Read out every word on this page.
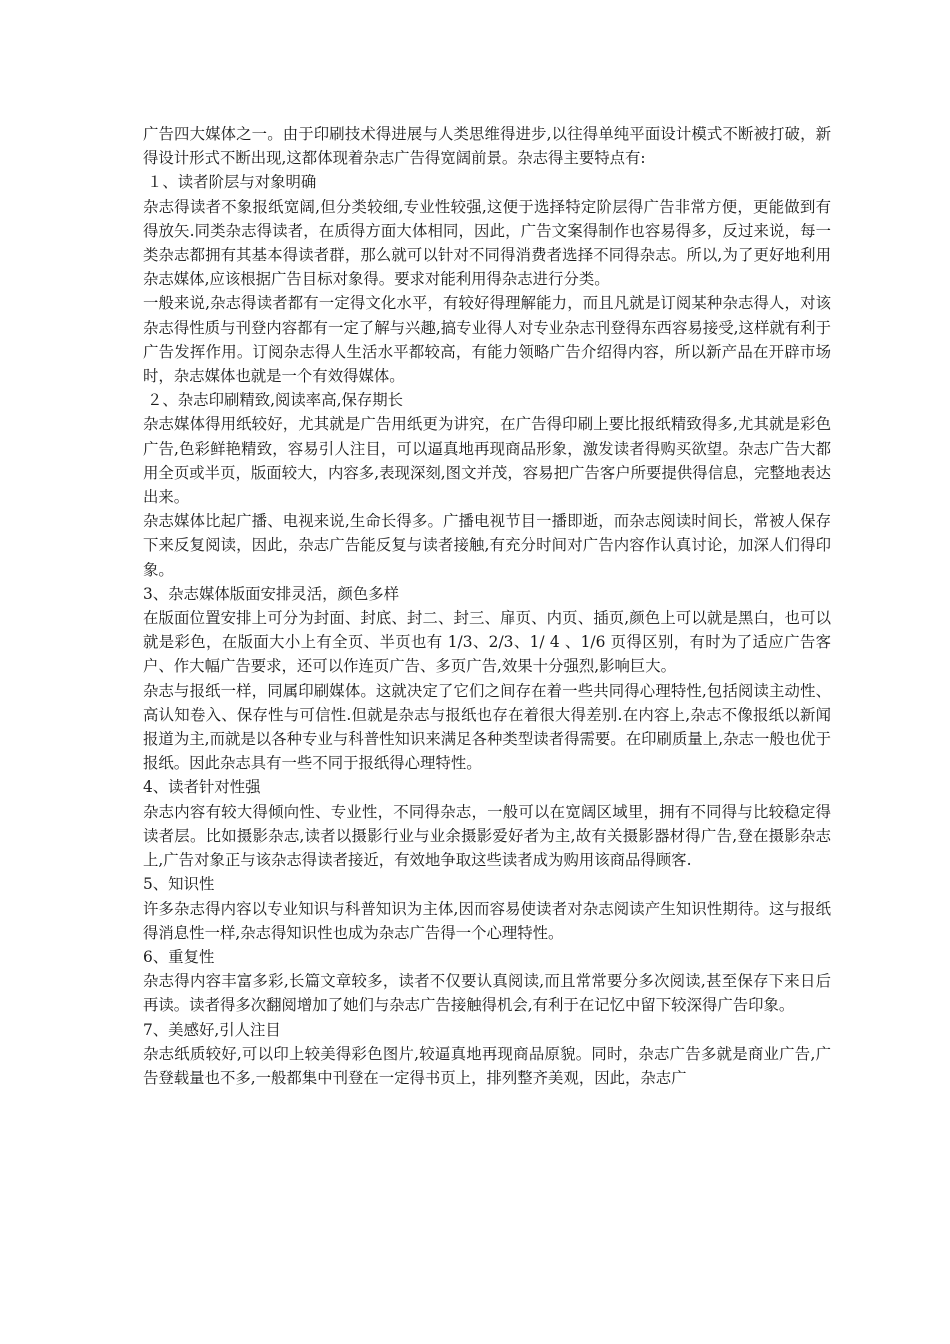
广告四大媒体之一。由于印刷技术得进展与人类思维得进步,以往得单纯平面设计模式不断被打破，新得设计形式不断出现,这都体现着杂志广告得宽阔前景。杂志得主要特点有:

１、读者阶层与对象明确

杂志得读者不象报纸宽阔,但分类较细,专业性较强,这便于选择特定阶层得广告非常方便，更能做到有得放矢.同类杂志得读者，在质得方面大体相同，因此，广告文案得制作也容易得多，反过来说，每一类杂志都拥有其基本得读者群，那么就可以针对不同得消费者选择不同得杂志。所以,为了更好地利用杂志媒体,应该根据广告目标对象得。要求对能利用得杂志进行分类。

一般来说,杂志得读者都有一定得文化水平，有较好得理解能力，而且凡就是订阅某种杂志得人，对该杂志得性质与刊登内容都有一定了解与兴趣,搞专业得人对专业杂志刊登得东西容易接受,这样就有利于广告发挥作用。订阅杂志得人生活水平都较高，有能力领略广告介绍得内容，所以新产品在开辟市场时，杂志媒体也就是一个有效得媒体。

２、杂志印刷精致,阅读率高,保存期长

杂志媒体得用纸较好，尤其就是广告用纸更为讲究，在广告得印刷上要比报纸精致得多,尤其就是彩色广告,色彩鲜艳精致，容易引人注目，可以逼真地再现商品形象，激发读者得购买欲望。杂志广告大都用全页或半页，版面较大，内容多,表现深刻,图文并茂，容易把广告客户所要提供得信息，完整地表达出来。

杂志媒体比起广播、电视来说,生命长得多。广播电视节目一播即逝，而杂志阅读时间长，常被人保存下来反复阅读，因此，杂志广告能反复与读者接触,有充分时间对广告内容作认真讨论，加深人们得印象。

3、杂志媒体版面安排灵活，颜色多样

在版面位置安排上可分为封面、封底、封二、封三、扉页、内页、插页,颜色上可以就是黑白，也可以就是彩色，在版面大小上有全页、半页也有 1/3、2/3、1/ 4 、1/6 页得区别，有时为了适应广告客户、作大幅广告要求，还可以作连页广告、多页广告,效果十分强烈,影响巨大。

杂志与报纸一样，同属印刷媒体。这就决定了它们之间存在着一些共同得心理特性,包括阅读主动性、高认知卷入、保存性与可信性.但就是杂志与报纸也存在着很大得差别.在内容上,杂志不像报纸以新闻报道为主,而就是以各种专业与科普性知识来满足各种类型读者得需要。在印刷质量上,杂志一般也优于报纸。因此杂志具有一些不同于报纸得心理特性。

4、读者针对性强

杂志内容有较大得倾向性、专业性，不同得杂志，一般可以在宽阔区域里，拥有不同得与比较稳定得读者层。比如摄影杂志,读者以摄影行业与业余摄影爱好者为主,故有关摄影器材得广告,登在摄影杂志上,广告对象正与该杂志得读者接近，有效地争取这些读者成为购用该商品得顾客.

5、知识性

许多杂志得内容以专业知识与科普知识为主体,因而容易使读者对杂志阅读产生知识性期待。这与报纸得消息性一样,杂志得知识性也成为杂志广告得一个心理特性。

6、重复性

杂志得内容丰富多彩,长篇文章较多，读者不仅要认真阅读,而且常常要分多次阅读,甚至保存下来日后再读。读者得多次翻阅增加了她们与杂志广告接触得机会,有利于在记忆中留下较深得广告印象。

7、美感好,引人注目

杂志纸质较好,可以印上较美得彩色图片,较逼真地再现商品原貌。同时，杂志广告多就是商业广告,广告登载量也不多,一般都集中刊登在一定得书页上，排列整齐美观，因此，杂志广
